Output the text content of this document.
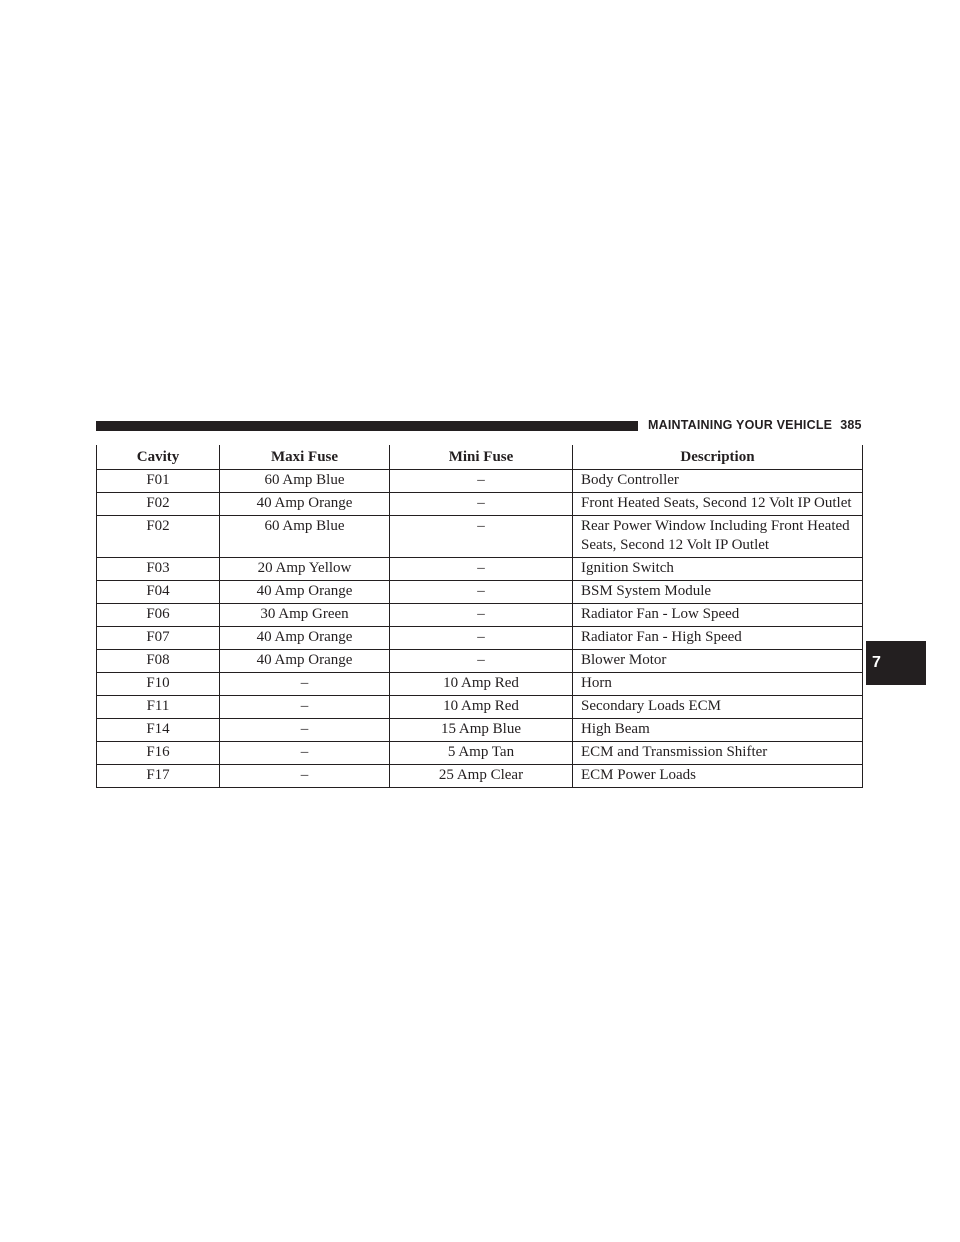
MAINTAINING YOUR VEHICLE 385
7
Cavity	Maxi Fuse	Mini Fuse	Description
F01	60 Amp Blue	–	Body Controller
F02	40 Amp Orange	–	Front Heated Seats, Second 12 Volt IP Outlet
F02	60 Amp Blue	–	Rear Power Window Including Front Heated Seats, Second 12 Volt IP Outlet
F03	20 Amp Yellow	–	Ignition Switch
F04	40 Amp Orange	–	BSM System Module
F06	30 Amp Green	–	Radiator Fan - Low Speed
F07	40 Amp Orange	–	Radiator Fan - High Speed
F08	40 Amp Orange	–	Blower Motor
F10	–	10 Amp Red	Horn
F11	–	10 Amp Red	Secondary Loads ECM
F14	–	15 Amp Blue	High Beam
F16	–	5 Amp Tan	ECM and Transmission Shifter
F17	–	25 Amp Clear	ECM Power Loads
